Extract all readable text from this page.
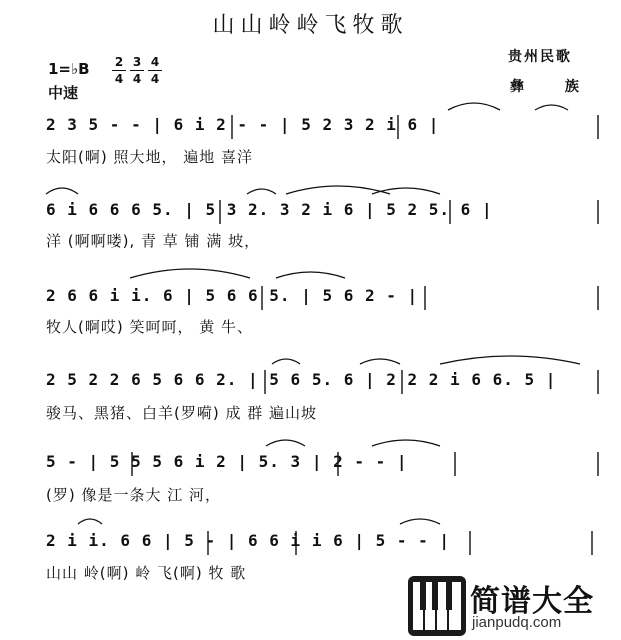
山山岭岭飞牧歌
1=♭B 2
4
3
4
4
4
中速
贵州民歌
彝 族
2 3 5 - - | 6 i 2 - - | 5 2 3 2 i 6 |
太阳(啊) 照大地， 遍地 喜洋
6 i 6 6 6 5. | 5 3 2. 3 2 i 6 | 5 2 5. 6 |
洋 (啊啊喽), 青 草 铺 满 坡，
2 6 6 i i. 6 | 5 6 6 5. | 5 6 2 - |
牧人(啊哎) 笑呵呵， 黄 牛、
2 5 2 2 6 5 6 6 2. | 5 6 5. 6 | 2 2 2 i 6 6. 5 |
骏马、黑猪、白羊(罗嗬) 成 群 遍山坡
5 - | 5 5 5 6 i 2 | 5. 3 | 2 - - |
(罗) 像是一条大 江 河，
2 i i. 6 6 | 5 - | 6 6 i i 6 | 5 - - |
山山 岭(啊) 岭 飞(啊) 牧 歌
简谱大全
jianpudq.com
